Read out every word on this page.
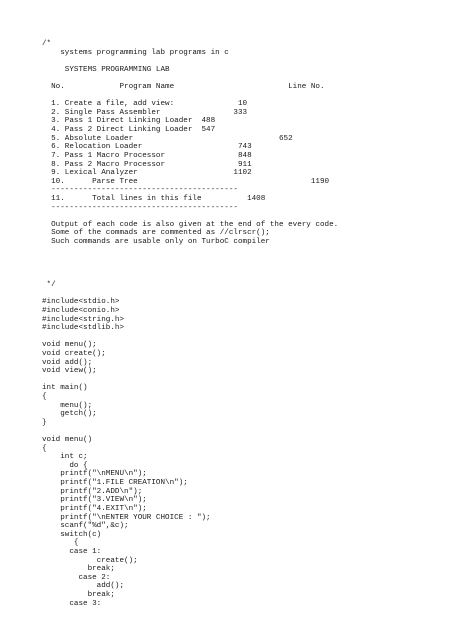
/*
systems programming lab programs in c
SYSTEMS PROGRAMMING LAB
No.            Program Name                         Line No.
1. Create a file, add view:              10
2. Single Pass Assembler                333
3. Pass 1 Direct Linking Loader  488
4. Pass 2 Direct Linking Loader  547
5. Absolute Loader                                652
6. Relocation Loader                     743
7. Pass 1 Macro Processor                848
8. Pass 2 Macro Processor                911
9. Lexical Analyzer                     1102
10.      Parse Tree                                      1190
-----------------------------------------
11.      Total lines in this file          1408
-----------------------------------------
Output of each code is also given at the end of the every code.
Some of the commads are commented as //clrscr();
Such commands are usable only on TurboC compiler
*/
#include<stdio.h>
#include<conio.h>
#include<string.h>
#include<stdlib.h>
void menu();
void create();
void add();
void view();
int main()
{
menu();
getch();
}
void menu()
{
int c;
do {
printf("\nMENU\n");
printf("1.FILE CREATION\n");
printf("2.ADD\n");
printf("3.VIEW\n");
printf("4.EXIT\n");
printf("\nENTER YOUR CHOICE : ");
scanf("%d",&c);
switch(c)
{
case 1:
create();
break;
case 2:
add();
break;
case 3:
